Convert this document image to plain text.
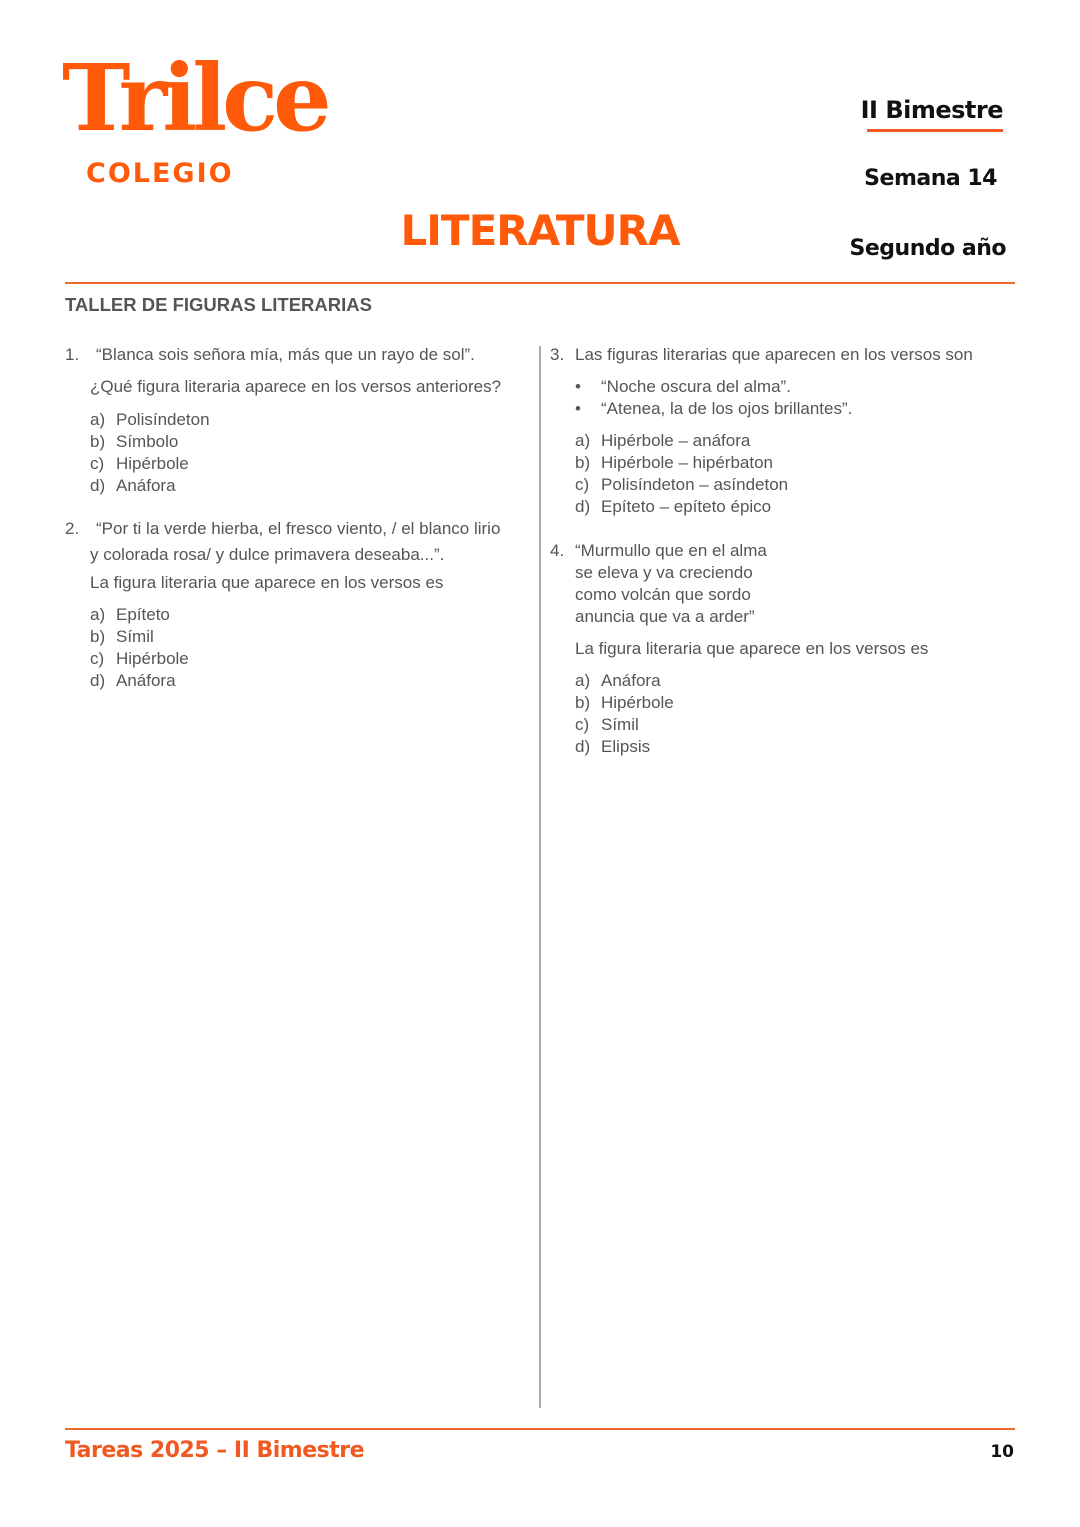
Trilce
COLEGIO
LITERATURA
II Bimestre
Semana 14
Segundo año
TALLER DE FIGURAS LITERARIAS
1. “Blanca sois señora mía, más que un rayo de sol”.
¿Qué figura literaria aparece en los versos anteriores?
a) Polisíndeton
b) Símbolo
c) Hipérbole
d) Anáfora
2. “Por ti la verde hierba, el fresco viento, / el blanco lirio
y colorada rosa/ y dulce primavera deseaba...”.
La figura literaria que aparece en los versos es
a) Epíteto
b) Símil
c) Hipérbole
d) Anáfora
3. Las figuras literarias que aparecen en los versos son
• “Noche oscura del alma”.
• “Atenea, la de los ojos brillantes”.
a) Hipérbole – anáfora
b) Hipérbole – hipérbaton
c) Polisíndeton – asíndeton
d) Epíteto – epíteto épico
4. “Murmullo que en el alma
se eleva y va creciendo
como volcán que sordo
anuncia que va a arder”
La figura literaria que aparece en los versos es
a) Anáfora
b) Hipérbole
c) Símil
d) Elipsis
Tareas 2025 – II Bimestre	10
